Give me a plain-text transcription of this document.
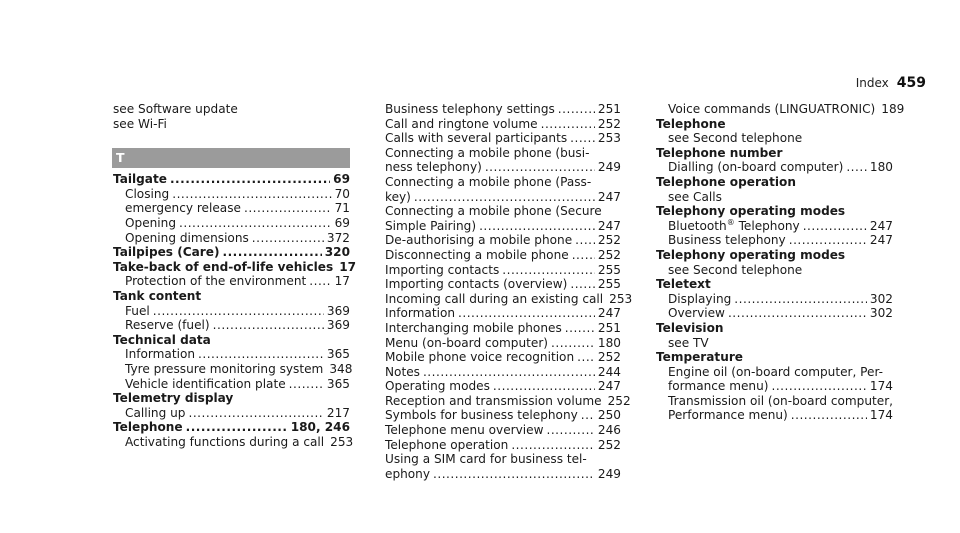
Index 459
see Software update
see Wi-Fi
T
Tailgate .....	69
Closing .....	70
emergency release .....	71
Opening .....	69
Opening dimensions .....	372
Tailpipes (Care) .....	320
Take-back of end-of-life vehicles 17
Protection of the environment ..... 17
Tank content
Fuel .....	369
Reserve (fuel) .....	369
Technical data
Information .....	365
Tyre pressure monitoring system 348
Vehicle identification plate .....	365
Telemetry display
Calling up .....	217
Telephone .....	180, 246
Activating functions during a call 253
Business telephony settings .....	251
Call and ringtone volume .....	252
Calls with several participants .....	253
Connecting a mobile phone (busi-
ness telephony) .....	249
Connecting a mobile phone (Pass-
key) .....	247
Connecting a mobile phone (Secure
Simple Pairing) .....	247
De-authorising a mobile phone ..... 252
Disconnecting a mobile phone ..... 252
Importing contacts .....	255
Importing contacts (overview) .....	255
Incoming call during an existing call 253
Information .....	247
Interchanging mobile phones .....	251
Menu (on-board computer) .....	180
Mobile phone voice recognition ..... 252
Notes .....	244
Operating modes .....	247
Reception and transmission volume 252
Symbols for business telephony ..... 250
Telephone menu overview .....	246
Telephone operation .....	252
Using a SIM card for business tel-
ephony .....	249
Voice commands (LINGUATRONIC) 189
Telephone
see Second telephone
Telephone number
Dialling (on-board computer) ..... 180
Telephone operation
see Calls
Telephony operating modes
Bluetooth® Telephony .....	247
Business telephony .....	247
Telephony operating modes
see Second telephone
Teletext
Displaying .....	302
Overview .....	302
Television
see TV
Temperature
Engine oil (on-board computer, Per-
formance menu) .....	174
Transmission oil (on-board computer,
Performance menu) .....	174
